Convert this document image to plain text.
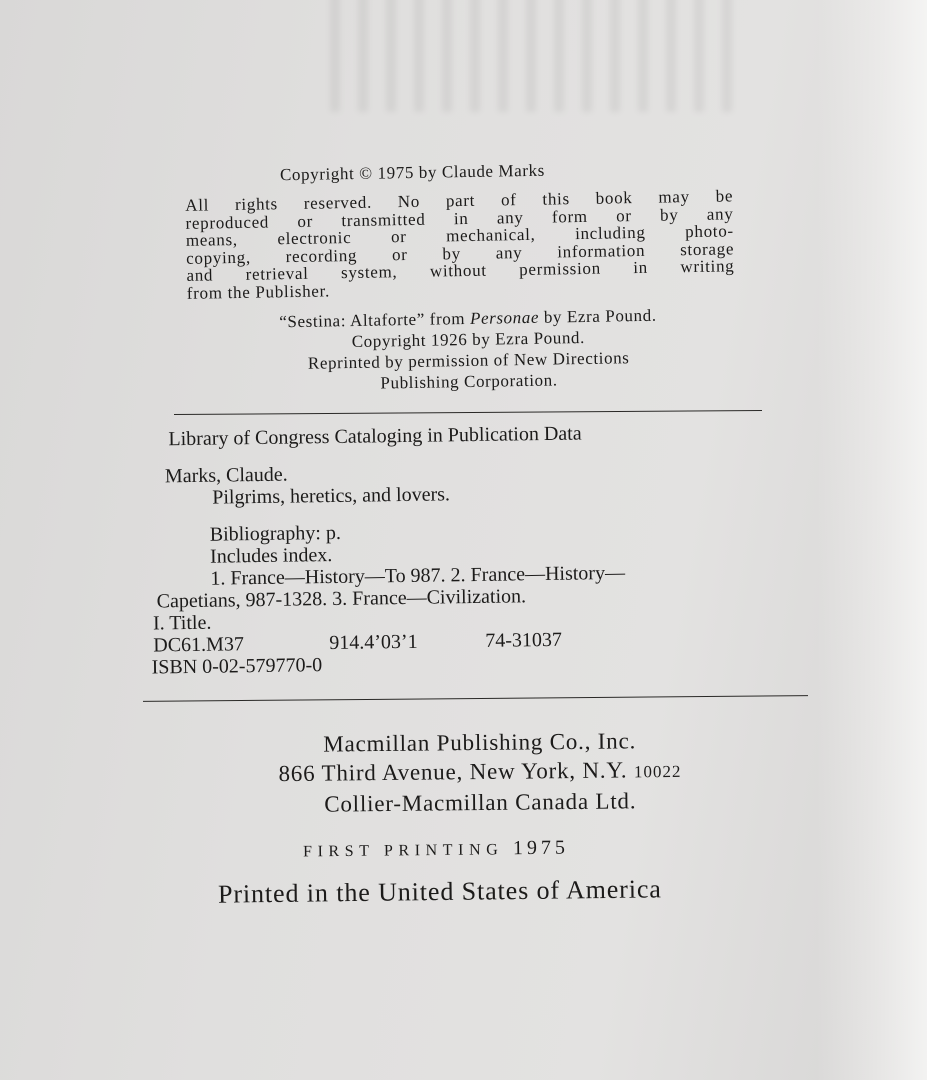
Copyright © 1975 by Claude Marks
All rights reserved. No part of this book may be
reproduced or transmitted in any form or by any
means, electronic or mechanical, including photo-
copying, recording or by any information storage
and retrieval system, without permission in writing
from the Publisher.
“Sestina: Altaforte” from Personae by Ezra Pound.
Copyright 1926 by Ezra Pound.
Reprinted by permission of New Directions
Publishing Corporation.
Library of Congress Cataloging in Publication Data
Marks, Claude.
Pilgrims, heretics, and lovers.
Bibliography: p.
Includes index.
1. France—History—To 987. 2. France—History—
Capetians, 987-1328. 3. France—Civilization.
I. Title.
DC61.M37	914.4’03’1	74-31037
ISBN 0-02-579770-0
Macmillan Publishing Co., Inc.
866 Third Avenue, New York, N.Y. 10022
Collier-Macmillan Canada Ltd.
FIRST PRINTING 1975
Printed in the United States of America
